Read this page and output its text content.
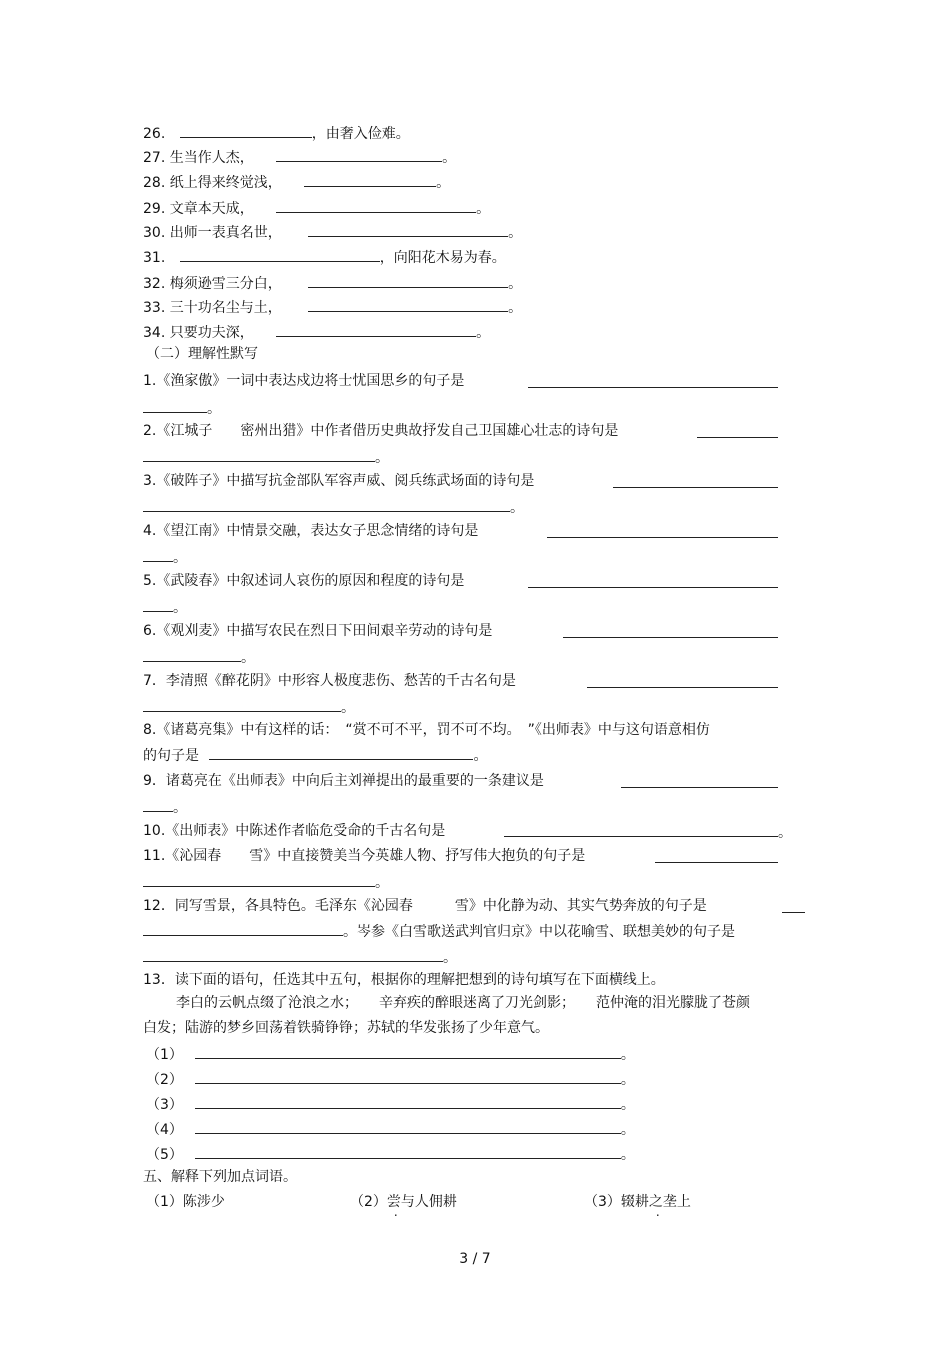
26.	，由奢入俭难。
27. 生当作人杰，	。
28. 纸上得来终觉浅，	。
29. 文章本天成，	。
30. 出师一表真名世，	。
31.	，向阳花木易为春。
32. 梅须逊雪三分白，	。
33. 三十功名尘与土，	。
34. 只要功夫深，	。
（二）理解性默写
1.《渔家傲》一词中表达戍边将士忧国思乡的句子是
。
2.《江城子　　密州出猎》中作者借历史典故抒发自己卫国雄心壮志的诗句是
。
3.《破阵子》中描写抗金部队军容声威、阅兵练武场面的诗句是
。
4.《望江南》中情景交融，表达女子思念情绪的诗句是
。
5.《武陵春》中叙述词人哀伤的原因和程度的诗句是
。
6.《观刈麦》中描写农民在烈日下田间艰辛劳动的诗句是
。
7．李清照《醉花阴》中形容人极度悲伤、愁苦的千古名句是
。
8.《诸葛亮集》中有这样的话：　“赏不可不平，罚不可不均。　”《出师表》中与这句语意相仿
的句子是	。
9．诸葛亮在《出师表》中向后主刘禅提出的最重要的一条建议是
。
10.《出师表》中陈述作者临危受命的千古名句是	。
11.《沁园春　　雪》中直接赞美当今英雄人物、抒写伟大抱负的句子是
。
12．同写雪景，各具特色。毛泽东《沁园春　　　雪》中化静为动、其实气势奔放的句子是
。岑参《白雪歌送武判官归京》中以花喻雪、联想美妙的句子是
。
13．读下面的语句，任选其中五句，根据你的理解把想到的诗句填写在下面横线上。
李白的云帆点缀了沧浪之水；　　辛弃疾的醉眼迷离了刀光剑影；　　范仲淹的泪光朦胧了苍颜
白发；陆游的梦乡回荡着铁骑铮铮；苏轼的华发张扬了少年意气。
（1）	。
（2）	。
（3）	。
（4）	。
（5）	。
五、解释下列加点词语。
（1）陈涉少	（2）尝与人佣耕	（3）辍耕之垄上
3 / 7
